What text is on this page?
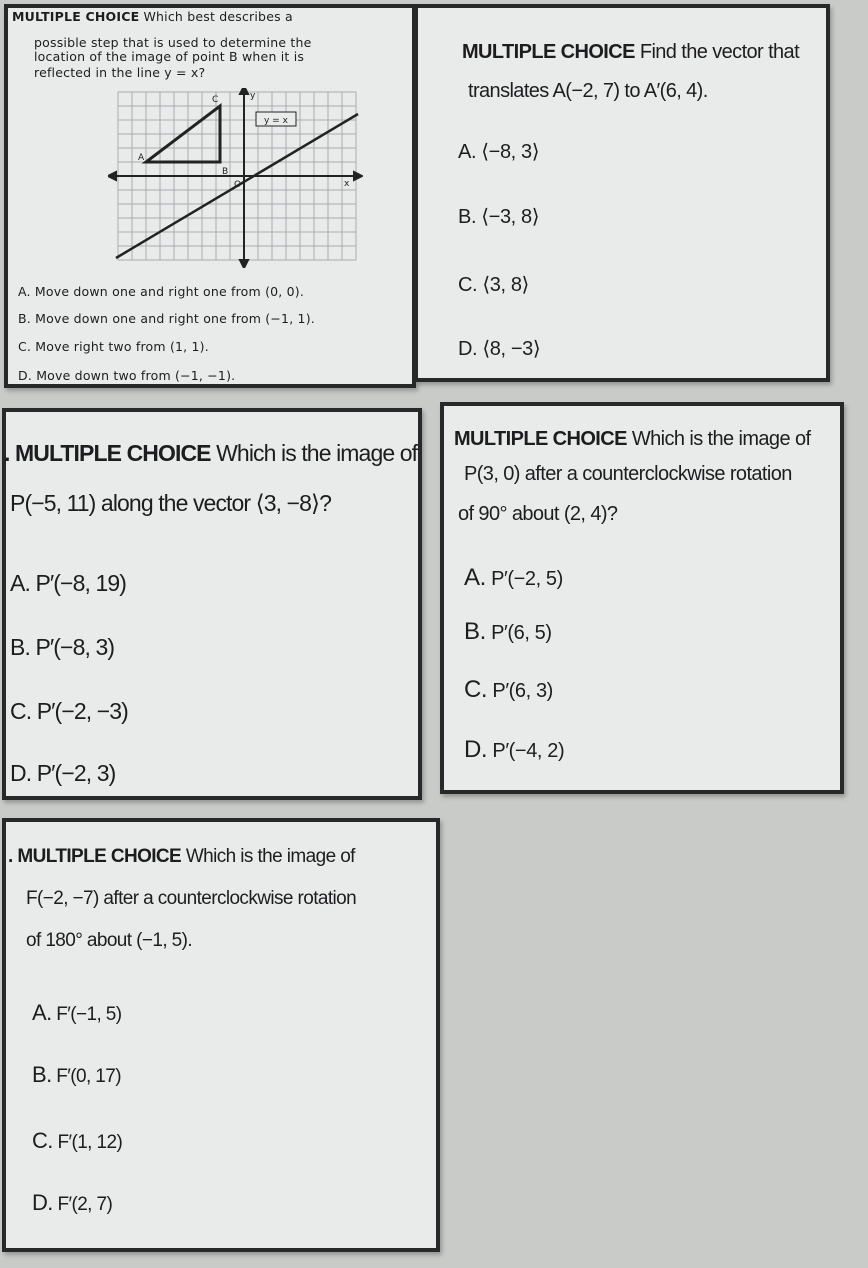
MULTIPLE CHOICE Which best describes a
possible step that is used to determine the
location of the image of point B when it is
reflected in the line y = x?
y = x
C	y
A
B
O	x
A. Move down one and right one from (0, 0).
B. Move down one and right one from (−1, 1).
C. Move right two from (1, 1).
D. Move down two from (−1, −1).
MULTIPLE CHOICE Find the vector that
translates A(−2, 7) to A′(6, 4).
A. ⟨−8, 3⟩
B. ⟨−3, 8⟩
C. ⟨3, 8⟩
D. ⟨8, −3⟩
. MULTIPLE CHOICE Which is the image of
P(−5, 11) along the vector ⟨3, −8⟩?
A. P′(−8, 19)
B. P′(−8, 3)
C. P′(−2, −3)
D. P′(−2, 3)
MULTIPLE CHOICE Which is the image of
P(3, 0) after a counterclockwise rotation
of 90° about (2, 4)?
A. P′(−2, 5)
B. P′(6, 5)
C. P′(6, 3)
D. P′(−4, 2)
. MULTIPLE CHOICE Which is the image of
F(−2, −7) after a counterclockwise rotation
of 180° about (−1, 5).
A. F′(−1, 5)
B. F′(0, 17)
C. F′(1, 12)
D. F′(2, 7)
